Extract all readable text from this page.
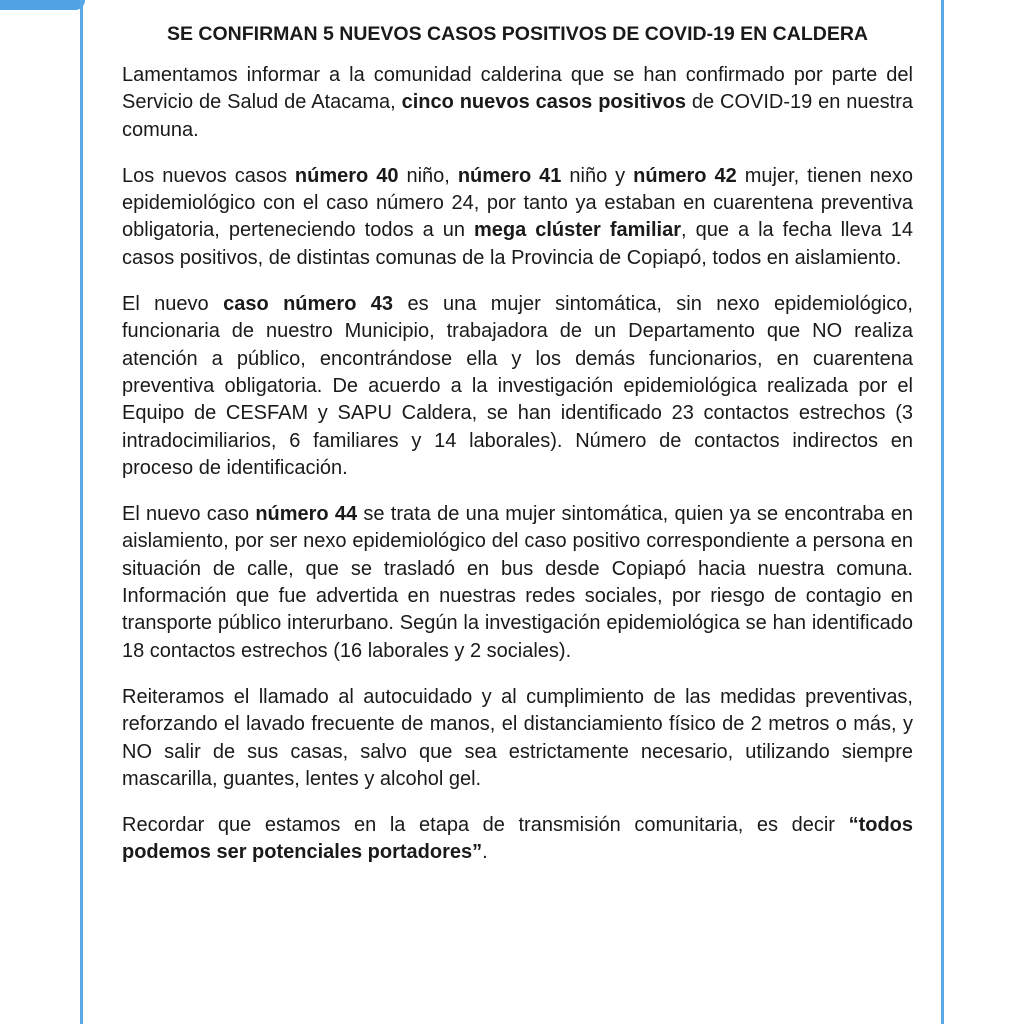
SE CONFIRMAN 5 NUEVOS CASOS POSITIVOS DE COVID-19 EN CALDERA

Lamentamos informar a la comunidad calderina que se han confirmado por parte del Servicio de Salud de Atacama, cinco nuevos casos positivos de COVID-19 en nuestra comuna.

Los nuevos casos número 40 niño, número 41 niño y número 42 mujer, tienen nexo epidemiológico con el caso número 24, por tanto ya estaban en cuarentena preventiva obligatoria, perteneciendo todos a un mega clúster familiar, que a la fecha lleva 14 casos positivos, de distintas comunas de la Provincia de Copiapó, todos en aislamiento.

El nuevo caso número 43 es una mujer sintomática, sin nexo epidemiológico, funcionaria de nuestro Municipio, trabajadora de un Departamento que NO realiza atención a público, encontrándose ella y los demás funcionarios, en cuarentena preventiva obligatoria. De acuerdo a la investigación epidemiológica realizada por el Equipo de CESFAM y SAPU Caldera, se han identificado 23 contactos estrechos (3 intradocimiliarios, 6 familiares y 14 laborales). Número de contactos indirectos en proceso de identificación.

El nuevo caso número 44 se trata de una mujer sintomática, quien ya se encontraba en aislamiento, por ser nexo epidemiológico del caso positivo correspondiente a persona en situación de calle, que se trasladó en bus desde Copiapó hacia nuestra comuna. Información que fue advertida en nuestras redes sociales, por riesgo de contagio en transporte público interurbano. Según la investigación epidemiológica se han identificado 18 contactos estrechos (16 laborales y 2 sociales).

Reiteramos el llamado al autocuidado y al cumplimiento de las medidas preventivas, reforzando el lavado frecuente de manos, el distanciamiento físico de 2 metros o más, y NO salir de sus casas, salvo que sea estrictamente necesario, utilizando siempre mascarilla, guantes, lentes y alcohol gel.

Recordar que estamos en la etapa de transmisión comunitaria, es decir “todos podemos ser potenciales portadores”.
